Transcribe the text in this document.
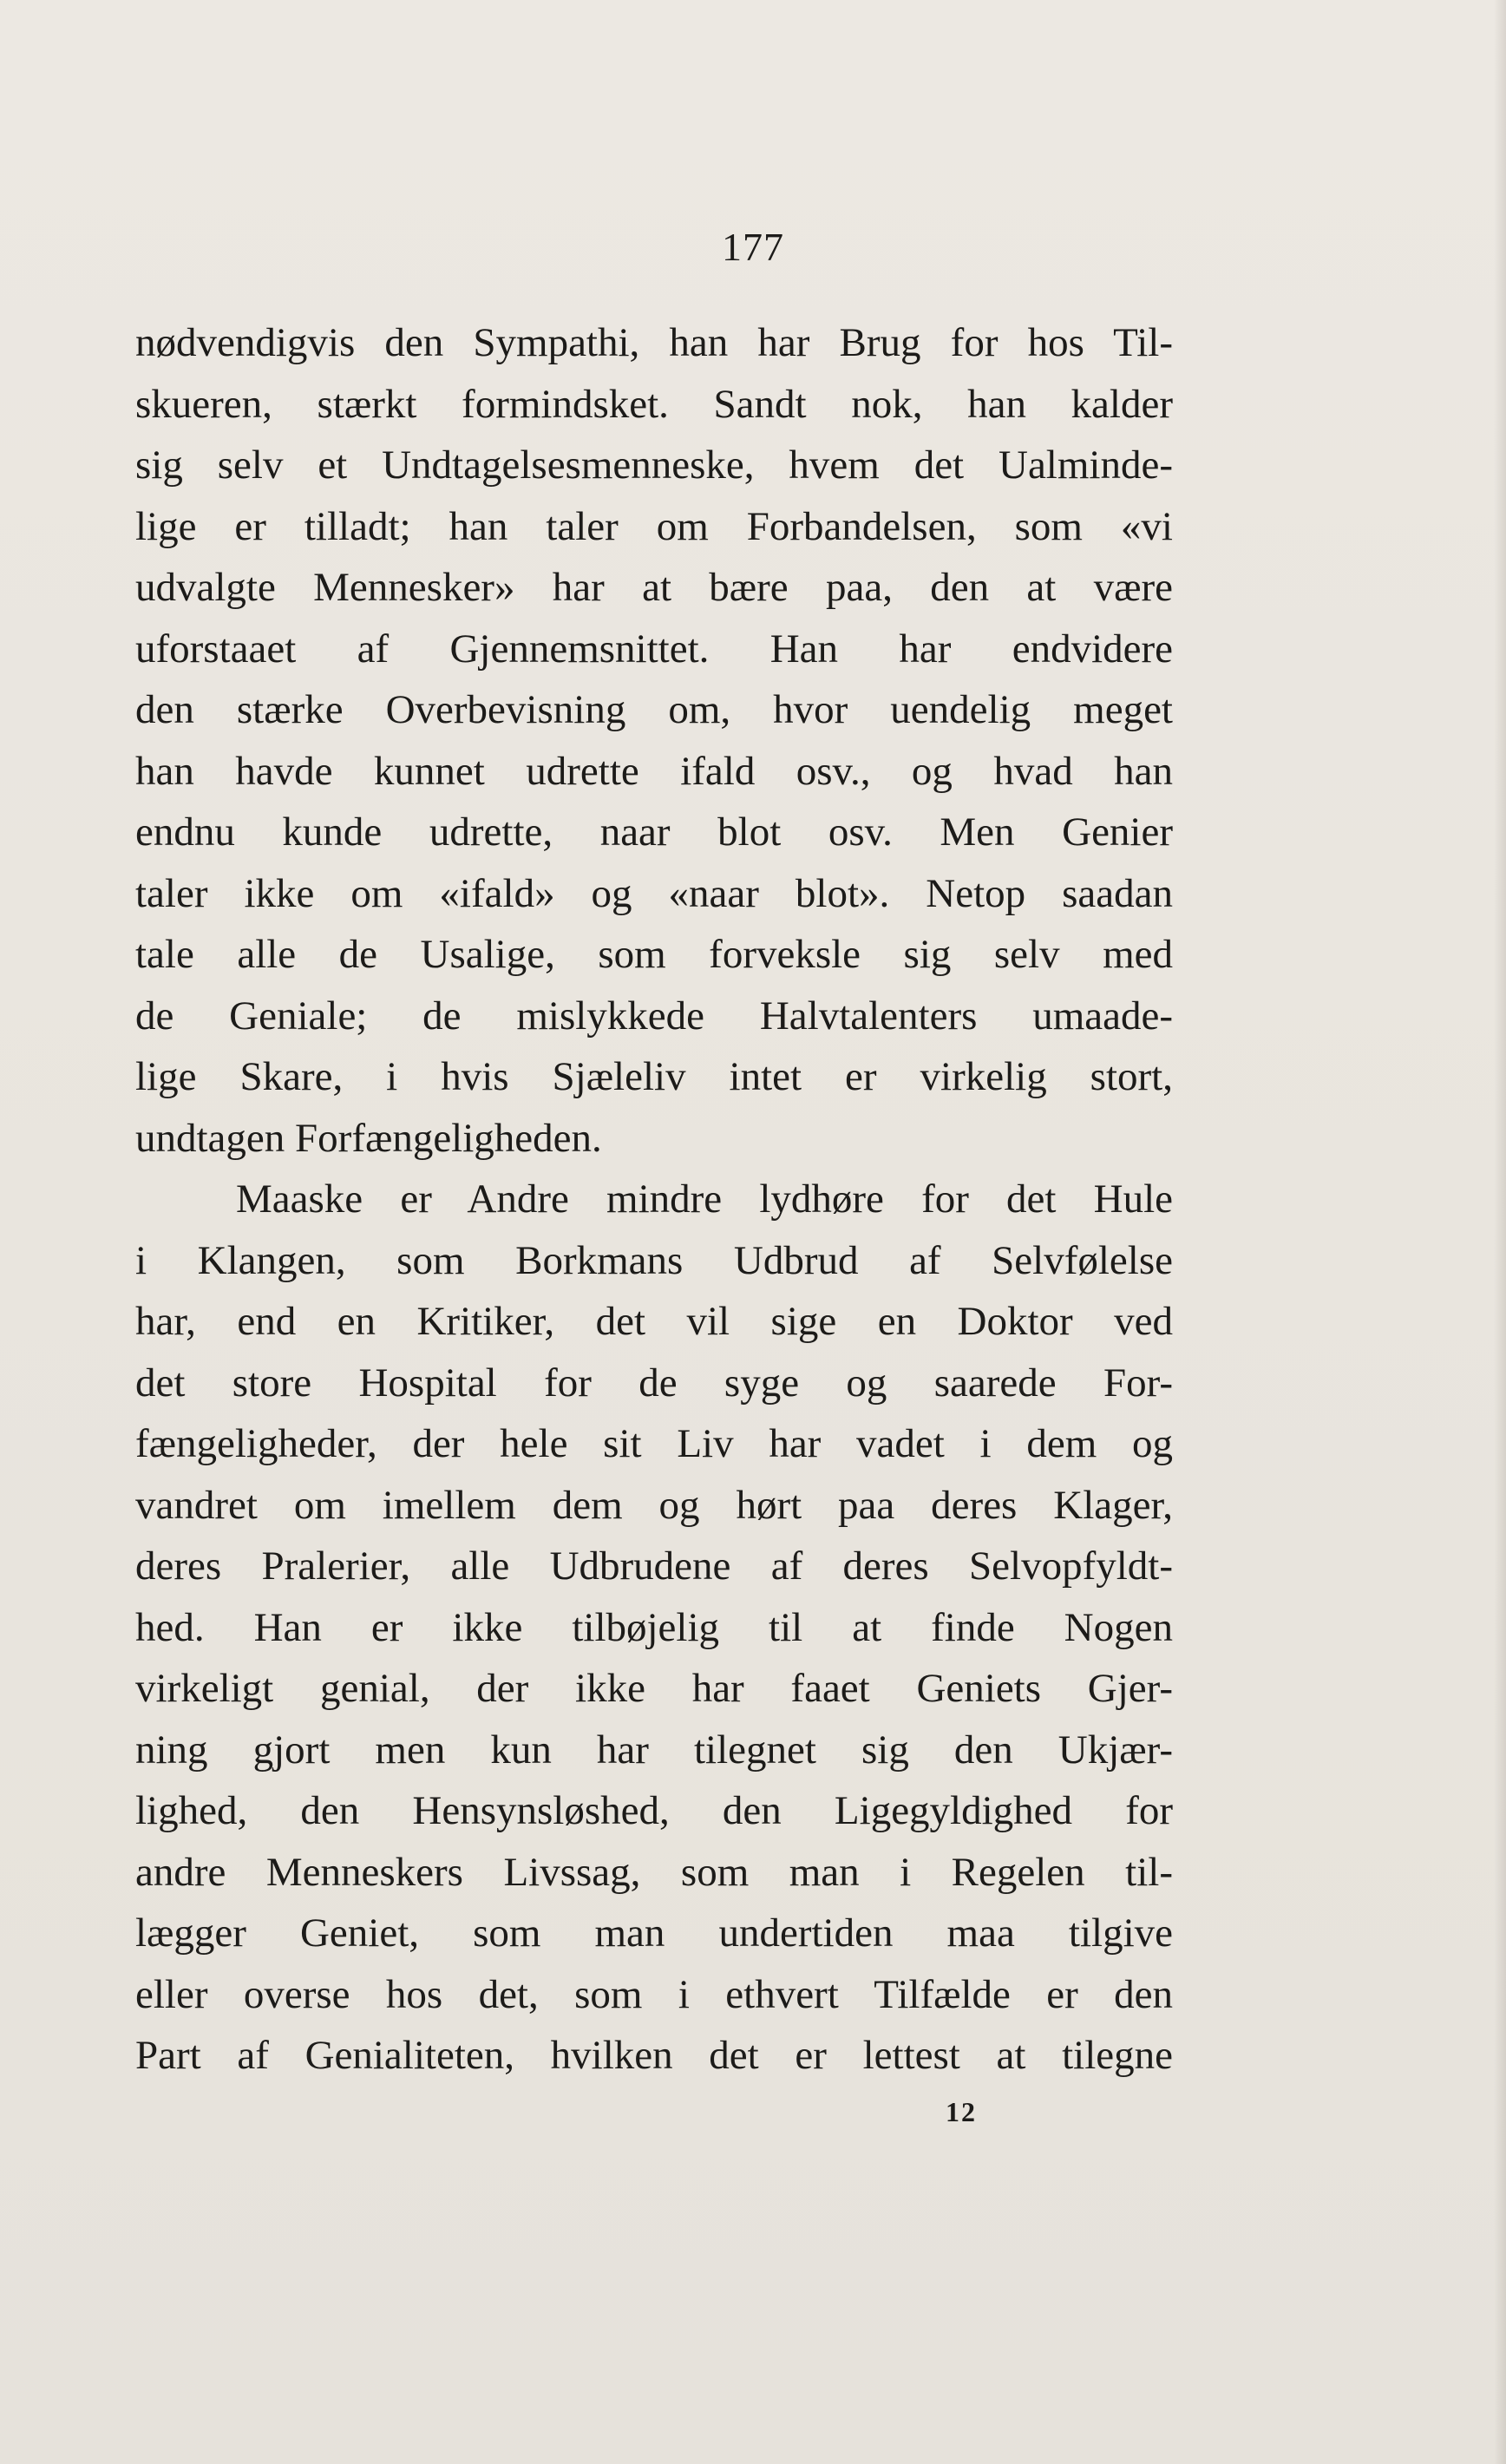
177
nødvendigvis den Sympathi, han har Brug for hos Til-
skueren, stærkt formindsket. Sandt nok, han kalder
sig selv et Undtagelsesmenneske, hvem det Ualminde-
lige er tilladt; han taler om Forbandelsen, som «vi
udvalgte Mennesker» har at bære paa, den at være
uforstaaet af Gjennemsnittet. Han har endvidere
den stærke Overbevisning om, hvor uendelig meget
han havde kunnet udrette ifald osv., og hvad han
endnu kunde udrette, naar blot osv. Men Genier
taler ikke om «ifald» og «naar blot». Netop saadan
tale alle de Usalige, som forveksle sig selv med
de Geniale; de mislykkede Halvtalenters umaade-
lige Skare, i hvis Sjæleliv intet er virkelig stort,
undtagen Forfængeligheden.
Maaske er Andre mindre lydhøre for det Hule
i Klangen, som Borkmans Udbrud af Selvfølelse
har, end en Kritiker, det vil sige en Doktor ved
det store Hospital for de syge og saarede For-
fængeligheder, der hele sit Liv har vadet i dem og
vandret om imellem dem og hørt paa deres Klager,
deres Pralerier, alle Udbrudene af deres Selvopfyldt-
hed. Han er ikke tilbøjelig til at finde Nogen
virkeligt genial, der ikke har faaet Geniets Gjer-
ning gjort men kun har tilegnet sig den Ukjær-
lighed, den Hensynsløshed, den Ligegyldighed for
andre Menneskers Livssag, som man i Regelen til-
lægger Geniet, som man undertiden maa tilgive
eller overse hos det, som i ethvert Tilfælde er den
Part af Genialiteten, hvilken det er lettest at tilegne
12
